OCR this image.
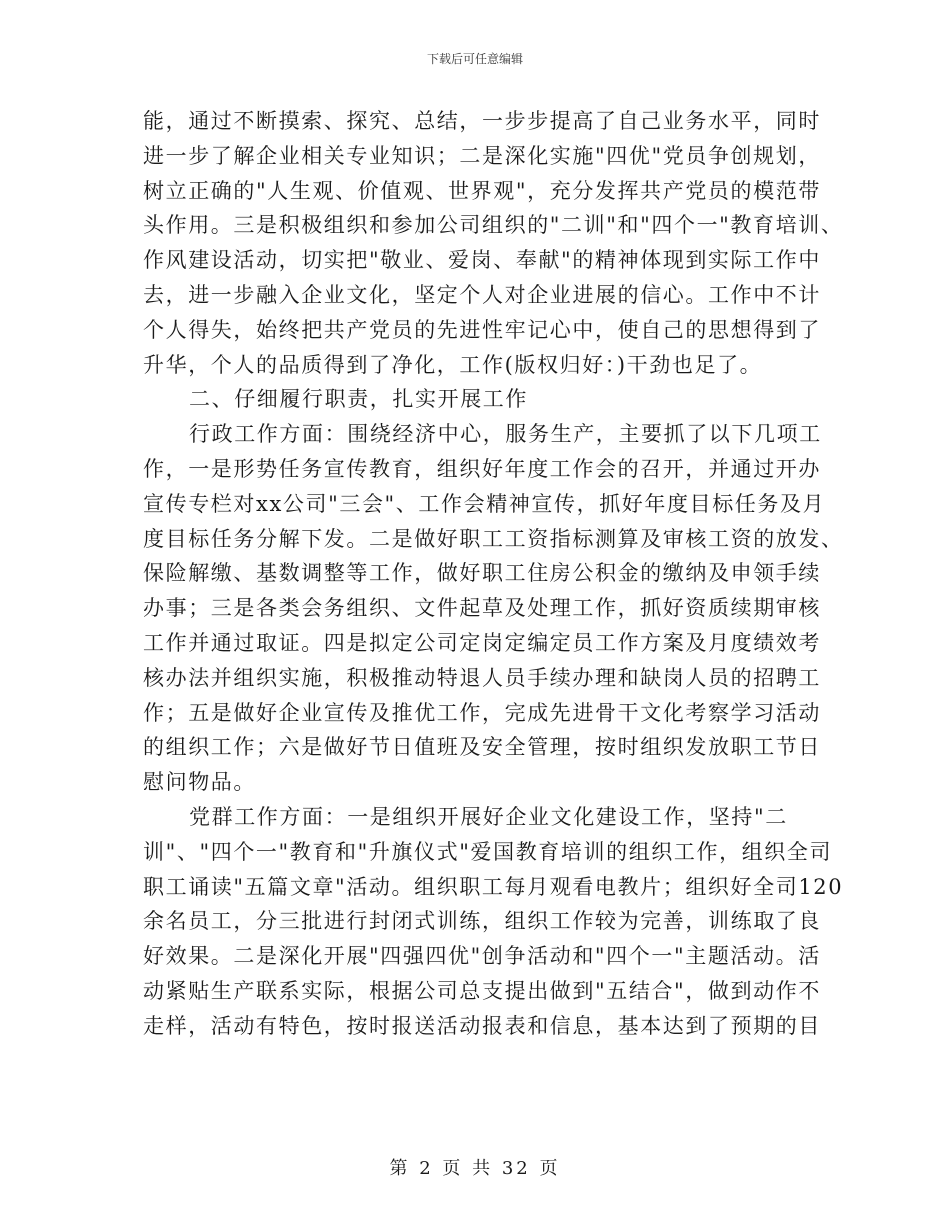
下载后可任意编辑
能，通过不断摸索、探究、总结，一步步提高了自己业务水平，同时
进一步了解企业相关专业知识；二是深化实施"四优"党员争创规划，
树立正确的"人生观、价值观、世界观"，充分发挥共产党员的模范带
头作用。三是积极组织和参加公司组织的"二训"和"四个一"教育培训、
作风建设活动，切实把"敬业、爱岗、奉献"的精神体现到实际工作中
去，进一步融入企业文化，坚定个人对企业进展的信心。工作中不计
个人得失，始终把共产党员的先进性牢记心中，使自己的思想得到了
升华，个人的品质得到了净化，工作(版权归好：)干劲也足了。
二、仔细履行职责，扎实开展工作
行政工作方面：围绕经济中心，服务生产，主要抓了以下几项工
作，一是形势任务宣传教育，组织好年度工作会的召开，并通过开办
宣传专栏对xx公司"三会"、工作会精神宣传，抓好年度目标任务及月
度目标任务分解下发。二是做好职工工资指标测算及审核工资的放发、
保险解缴、基数调整等工作，做好职工住房公积金的缴纳及申领手续
办事；三是各类会务组织、文件起草及处理工作，抓好资质续期审核
工作并通过取证。四是拟定公司定岗定编定员工作方案及月度绩效考
核办法并组织实施，积极推动特退人员手续办理和缺岗人员的招聘工
作；五是做好企业宣传及推优工作，完成先进骨干文化考察学习活动
的组织工作；六是做好节日值班及安全管理，按时组织发放职工节日
慰问物品。
党群工作方面：一是组织开展好企业文化建设工作，坚持"二
训"、"四个一"教育和"升旗仪式"爱国教育培训的组织工作，组织全司
职工诵读"五篇文章"活动。组织职工每月观看电教片；组织好全司120
余名员工，分三批进行封闭式训练，组织工作较为完善，训练取了良
好效果。二是深化开展"四强四优"创争活动和"四个一"主题活动。活
动紧贴生产联系实际，根据公司总支提出做到"五结合"，做到动作不
走样，活动有特色，按时报送活动报表和信息，基本达到了预期的目
第 2 页 共 32 页
